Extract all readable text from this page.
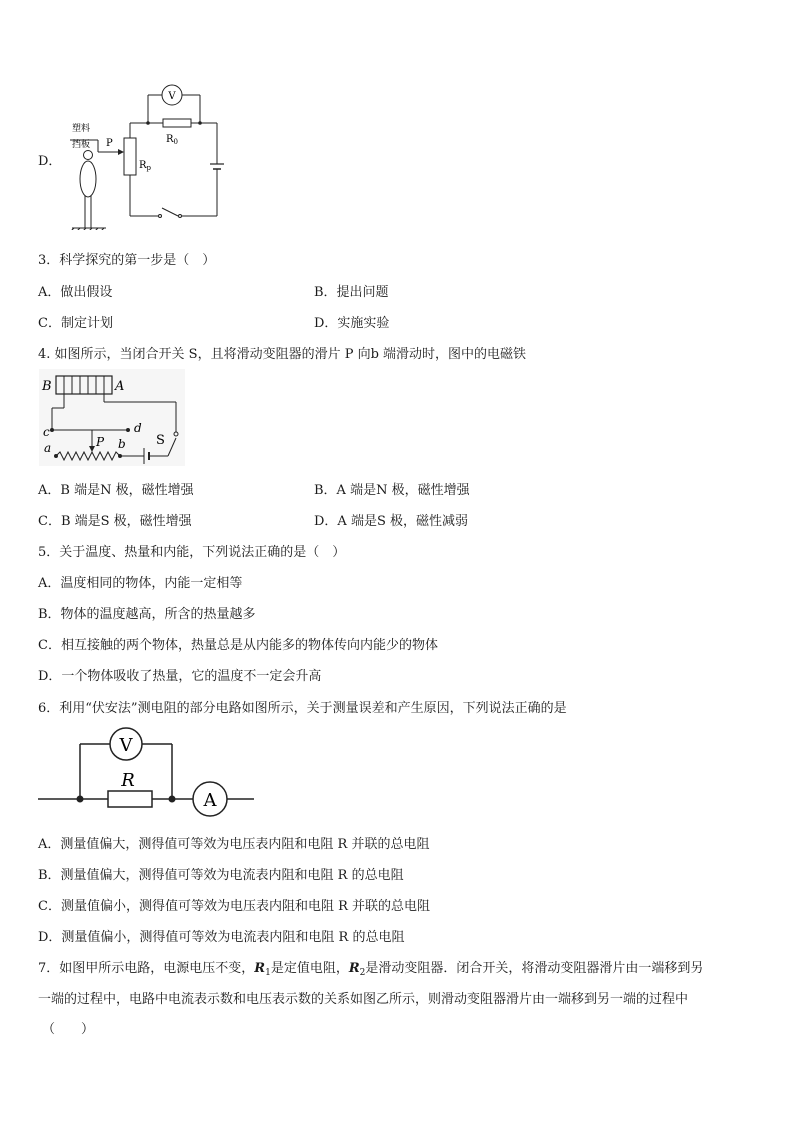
D．
V
$R_0$
$R_p$
P
塑料
挡板
3．科学探究的第一步是（　）
A．做出假设	B．提出问题
C．制定计划	D．实施实验
4. 如图所示，当闭合开关 S，且将滑动变阻器的滑片 P 向b 端滑动时，图中的电磁铁
B	A
c	d
P
a	b S
A．B 端是N 极，磁性增强	B．A 端是N 极，磁性增强
C．B 端是S 极，磁性增强	D．A 端是S 极，磁性减弱
5．关于温度、热量和内能，下列说法正确的是（　）
A．温度相同的物体，内能一定相等
B．物体的温度越高，所含的热量越多
C．相互接触的两个物体，热量总是从内能多的物体传向内能少的物体
D．一个物体吸收了热量，它的温度不一定会升高
6．利用“伏安法”测电阻的部分电路如图所示，关于测量误差和产生原因，下列说法正确的是
R
V
A
A．测量值偏大，测得值可等效为电压表内阻和电阻 R 并联的总电阻
B．测量值偏大，测得值可等效为电流表内阻和电阻 R 的总电阻
C．测量值偏小，测得值可等效为电压表内阻和电阻 R 并联的总电阻
D．测量值偏小，测得值可等效为电流表内阻和电阻 R 的总电阻
7．如图甲所示电路，电源电压不变，$R_1$是定值电阻，$R_2$是滑动变阻器．闭合开关，将滑动变阻器滑片由一端移到另
一端的过程中，电路中电流表示数和电压表示数的关系如图乙所示，则滑动变阻器滑片由一端移到另一端的过程中
（　　）
